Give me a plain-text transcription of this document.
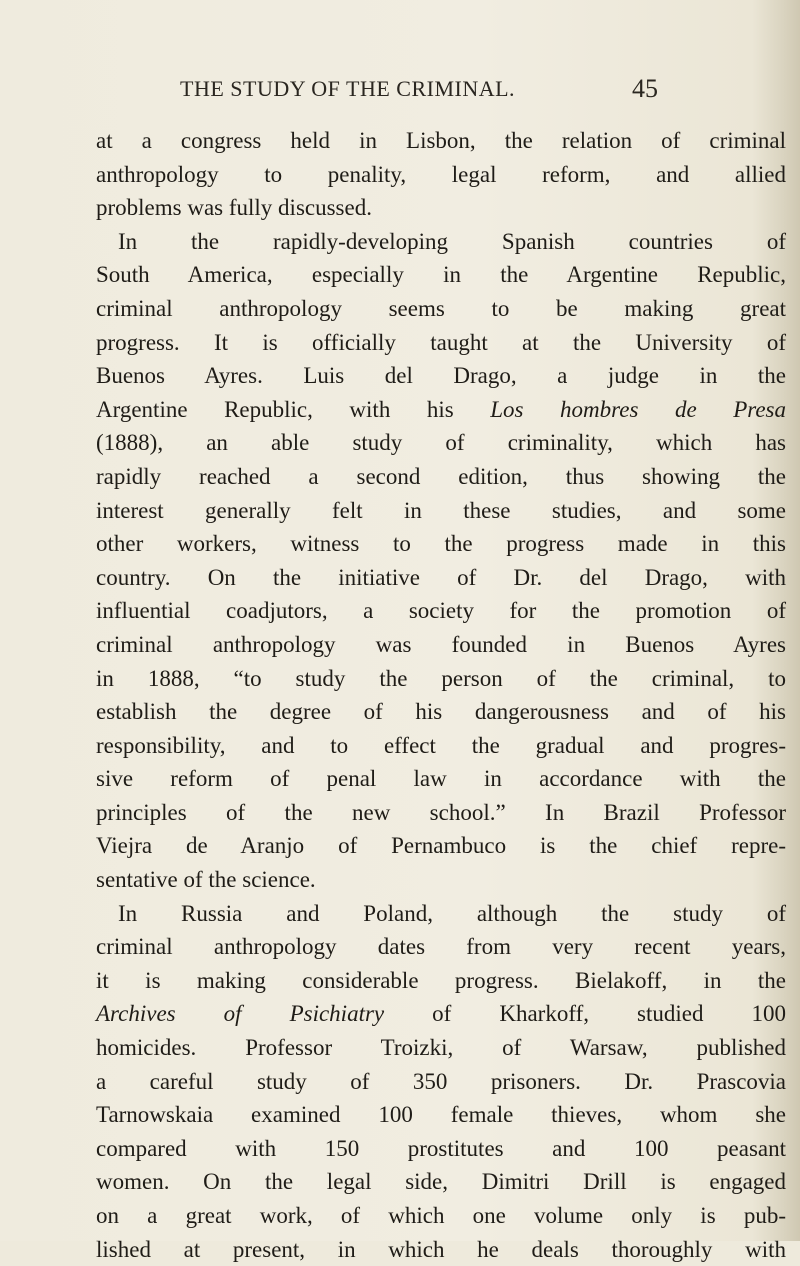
THE STUDY OF THE CRIMINAL.	45
at a congress held in Lisbon, the relation of criminal
anthropology to penality, legal reform, and allied
problems was fully discussed.
In the rapidly-developing Spanish countries of
South America, especially in the Argentine Republic,
criminal anthropology seems to be making great
progress. It is officially taught at the University of
Buenos Ayres. Luis del Drago, a judge in the
Argentine Republic, with his Los hombres de Presa
(1888), an able study of criminality, which has
rapidly reached a second edition, thus showing the
interest generally felt in these studies, and some
other workers, witness to the progress made in this
country. On the initiative of Dr. del Drago, with
influential coadjutors, a society for the promotion of
criminal anthropology was founded in Buenos Ayres
in 1888, “to study the person of the criminal, to
establish the degree of his dangerousness and of his
responsibility, and to effect the gradual and progres-
sive reform of penal law in accordance with the
principles of the new school.” In Brazil Professor
Viejra de Aranjo of Pernambuco is the chief repre-
sentative of the science.
In Russia and Poland, although the study of
criminal anthropology dates from very recent years,
it is making considerable progress. Bielakoff, in the
Archives of Psichiatry of Kharkoff, studied 100
homicides. Professor Troizki, of Warsaw, published
a careful study of 350 prisoners. Dr. Prascovia
Tarnowskaia examined 100 female thieves, whom she
compared with 150 prostitutes and 100 peasant
women. On the legal side, Dimitri Drill is engaged
on a great work, of which one volume only is pub-
lished at present, in which he deals thoroughly with
